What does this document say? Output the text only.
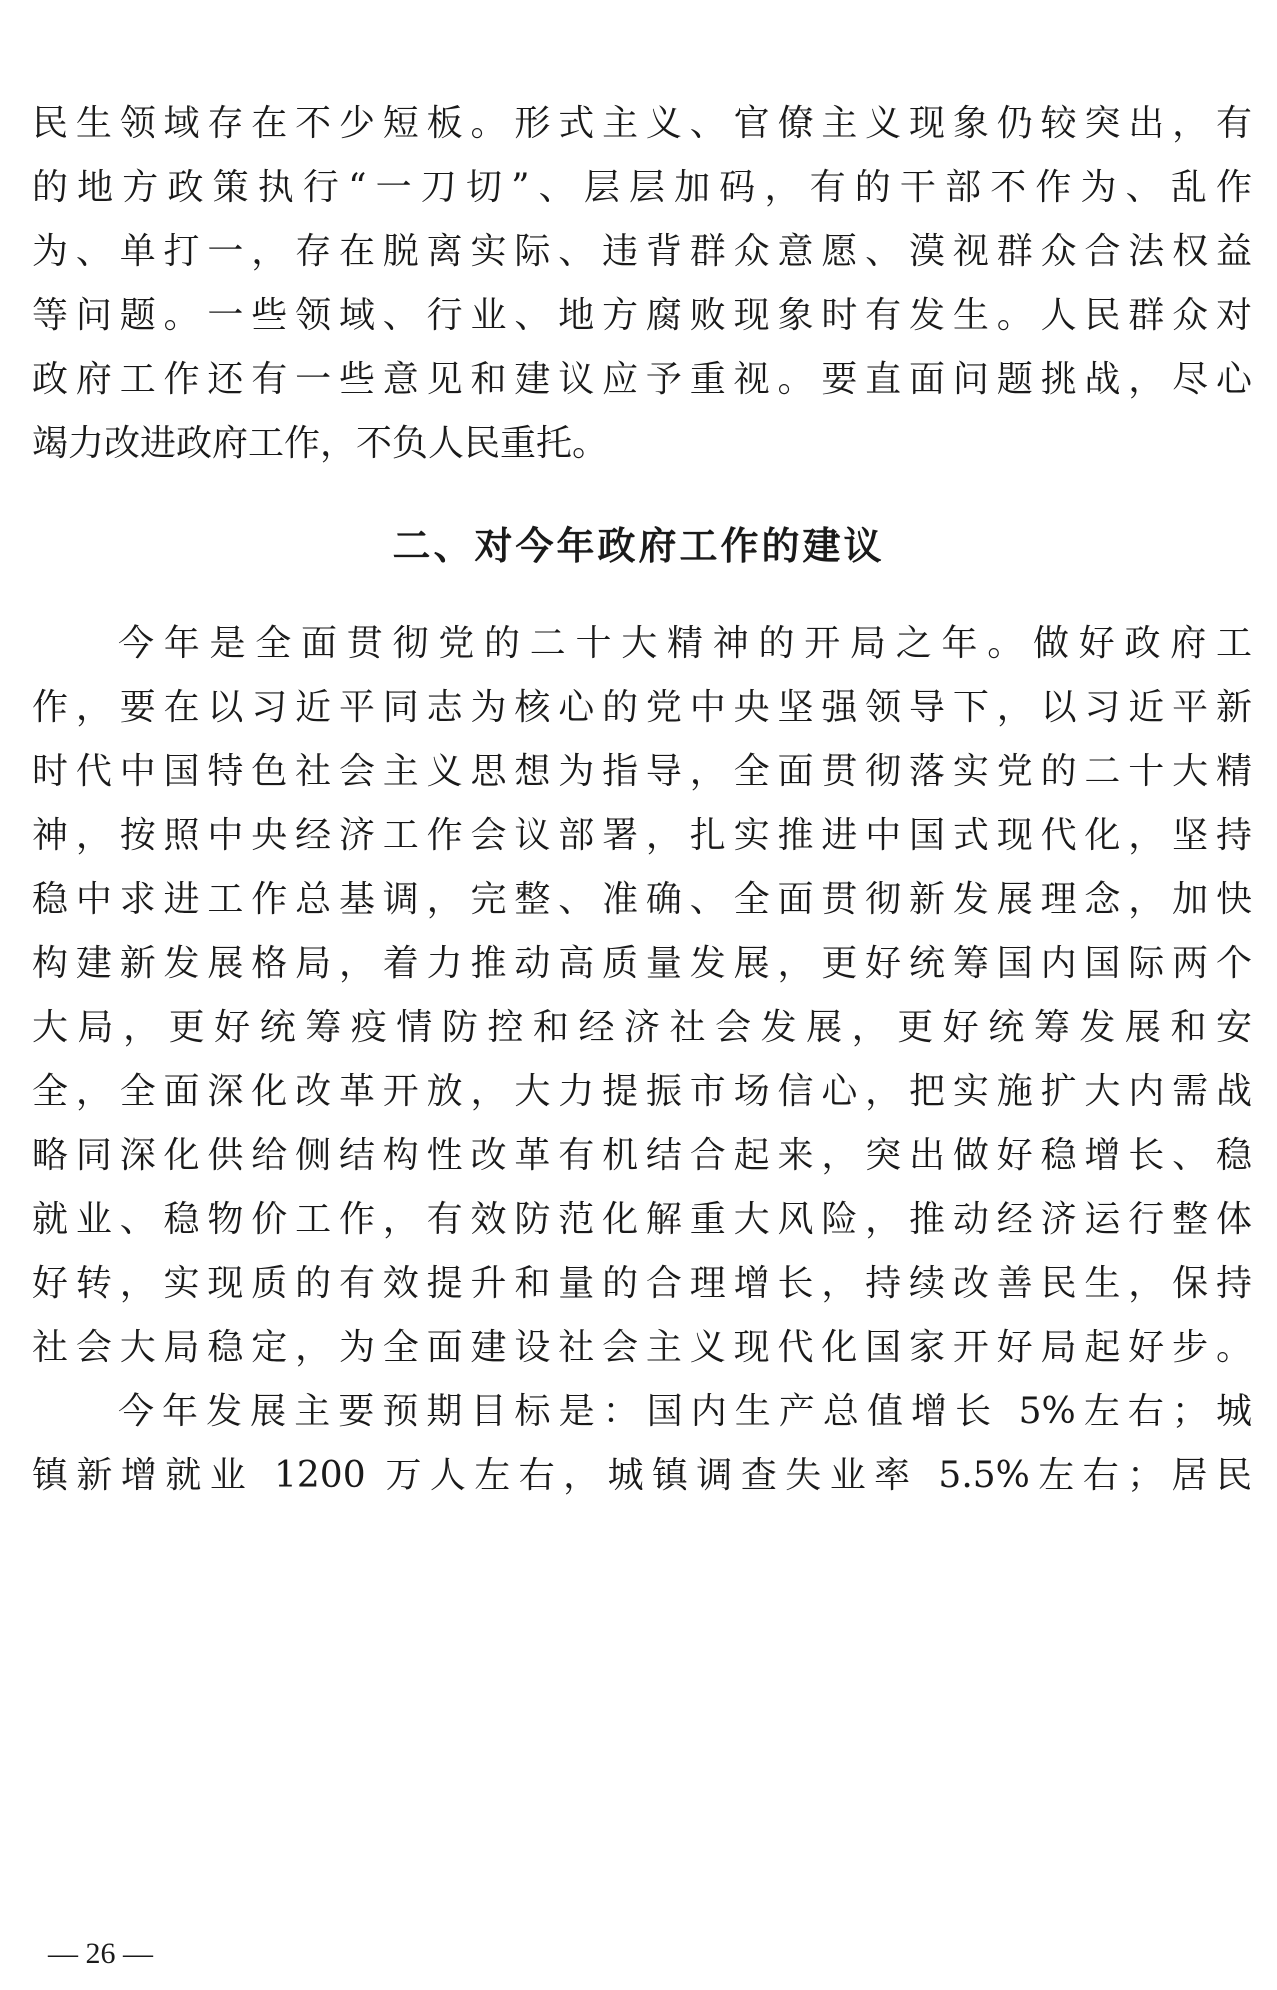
民生领域存在不少短板。形式主义、官僚主义现象仍较突出，有
的地方政策执行“一刀切”、层层加码，有的干部不作为、乱作
为、单打一，存在脱离实际、违背群众意愿、漠视群众合法权益
等问题。一些领域、行业、地方腐败现象时有发生。人民群众对
政府工作还有一些意见和建议应予重视。要直面问题挑战，尽心
竭力改进政府工作，不负人民重托。
二、对今年政府工作的建议
今年是全面贯彻党的二十大精神的开局之年。做好政府工
作，要在以习近平同志为核心的党中央坚强领导下，以习近平新
时代中国特色社会主义思想为指导，全面贯彻落实党的二十大精
神，按照中央经济工作会议部署，扎实推进中国式现代化，坚持
稳中求进工作总基调，完整、准确、全面贯彻新发展理念，加快
构建新发展格局，着力推动高质量发展，更好统筹国内国际两个
大局，更好统筹疫情防控和经济社会发展，更好统筹发展和安
全，全面深化改革开放，大力提振市场信心，把实施扩大内需战
略同深化供给侧结构性改革有机结合起来，突出做好稳增长、稳
就业、稳物价工作，有效防范化解重大风险，推动经济运行整体
好转，实现质的有效提升和量的合理增长，持续改善民生，保持
社会大局稳定，为全面建设社会主义现代化国家开好局起好步。
今年发展主要预期目标是：国内生产总值增长 5%左右；城
镇新增就业 1200 万人左右，城镇调查失业率 5.5%左右；居民
— 26 —
